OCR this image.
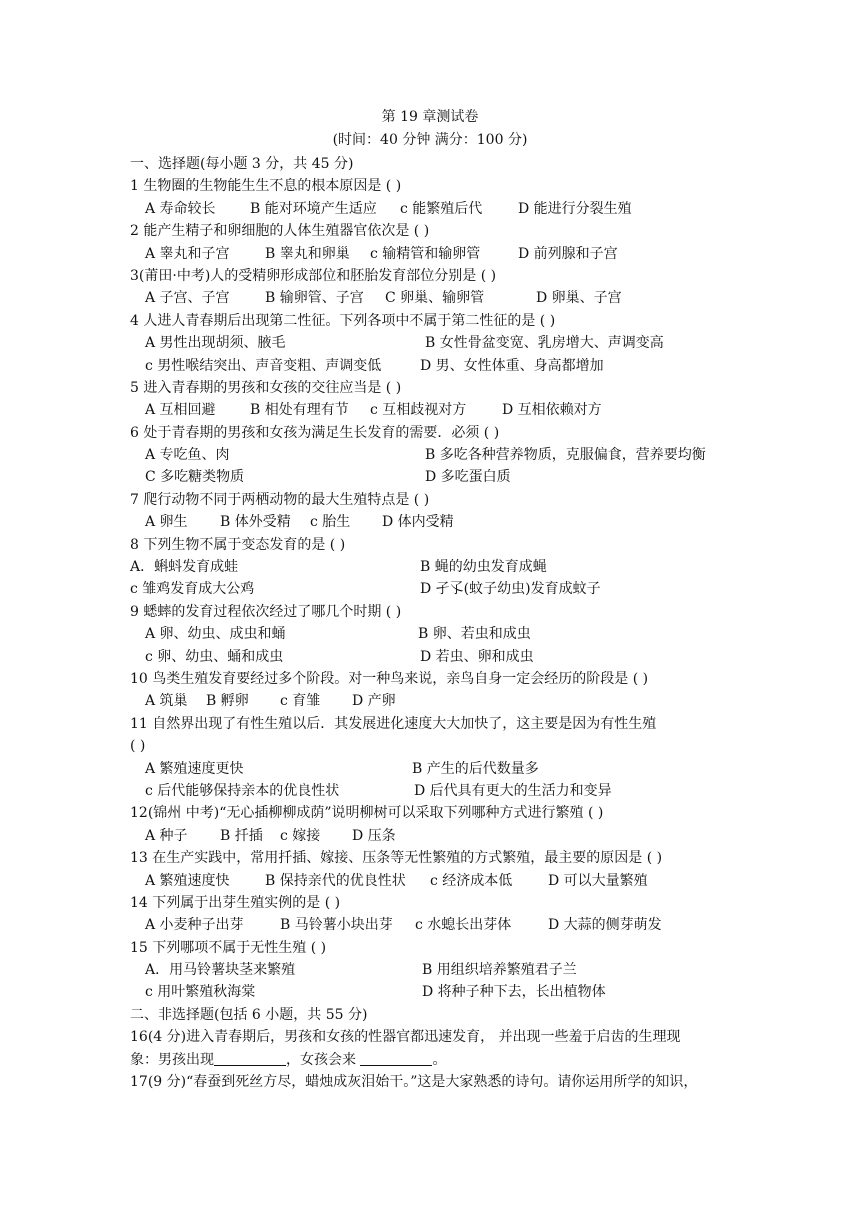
第 19 章测试卷
(时间：40 分钟 满分：100 分)
一、选择题(每小题 3 分，共 45 分)
1 生物圈的生物能生生不息的根本原因是 ( )
A 寿命较长 B 能对环境产生适应 c 能繁殖后代	D 能进行分裂生殖
2 能产生精子和卵细胞的人体生殖器官依次是 ( )
A 睾丸和子宫	B 睾丸和卵巢 c 输精管和输卵管	D 前列腺和子宫
3(莆田·中考)人的受精卵形成部位和胚胎发育部位分别是 ( )
A 子宫、子宫	B 输卵管、子宫 C 卵巢、输卵管	D 卵巢、子宫
4 人进人青春期后出现第二性征。下列各项中不属于第二性征的是 ( )
A 男性出现胡须、腋毛	B 女性骨盆变宽、乳房增大、声调变高
c 男性喉结突出、声音变粗、声调变低	D 男、女性体重、身高都增加
5 进入青春期的男孩和女孩的交往应当是 ( )
A 互相回避 B 相处有理有节 c 互相歧视对方	D 互相依赖对方
6 处于青春期的男孩和女孩为满足生长发育的需要．必须 ( )
A 专吃鱼、肉	B 多吃各种营养物质，克服偏食，营养要均衡
C 多吃糖类物质	D 多吃蛋白质
7 爬行动物不同于两栖动物的最大生殖特点是 ( )
A 卵生 B 体外受精 c 胎生 D 体内受精
8 下列生物不属于变态发育的是 ( )
A．蝌蚪发育成蛙	B 蝇的幼虫发育成蝇
c 雏鸡发育成大公鸡	D 孑孓(蚊子幼虫)发育成蚊子
9 蟋蟀的发育过程依次经过了哪几个时期 ( )
A 卵、幼虫、成虫和蛹	B 卵、若虫和成虫
c 卵、幼虫、蛹和成虫	D 若虫、卵和成虫
10 鸟类生殖发育要经过多个阶段。对一种鸟来说，亲鸟自身一定会经历的阶段是 ( )
A 筑巢 B 孵卵 c 育雏 D 产卵
11 自然界出现了有性生殖以后．其发展进化速度大大加快了，这主要是因为有性生殖
( )
A 繁殖速度更快	B 产生的后代数量多
c 后代能够保持亲本的优良性状	D 后代具有更大的生活力和变异
12(锦州 中考)“无心插柳柳成荫”说明柳树可以采取下列哪种方式进行繁殖 ( )
A 种子 B 扦插 c 嫁接 D 压条
13 在生产实践中，常用扦插、嫁接、压条等无性繁殖的方式繁殖，最主要的原因是 ( )
A 繁殖速度快	B 保持亲代的优良性状 c 经济成本低	D 可以大量繁殖
14 下列属于出芽生殖实例的是 ( )
A 小麦种子出芽	B 马铃薯小块出芽 c 水螅长出芽体	D 大蒜的侧芽萌发
15 下列哪项不属于无性生殖 ( )
A．用马铃薯块茎来繁殖	B 用组织培养繁殖君子兰
c 用叶繁殖秋海棠	D 将种子种下去，长出植物体
二、非选择题(包括 6 小题，共 55 分)
16(4 分)进入青春期后，男孩和女孩的性器官都迅速发育， 并出现一些羞于启齿的生理现
象：男孩出现	，女孩会来	。
17(9 分)“春蚕到死丝方尽，蜡烛成灰泪始干。”这是大家熟悉的诗句。请你运用所学的知识，
